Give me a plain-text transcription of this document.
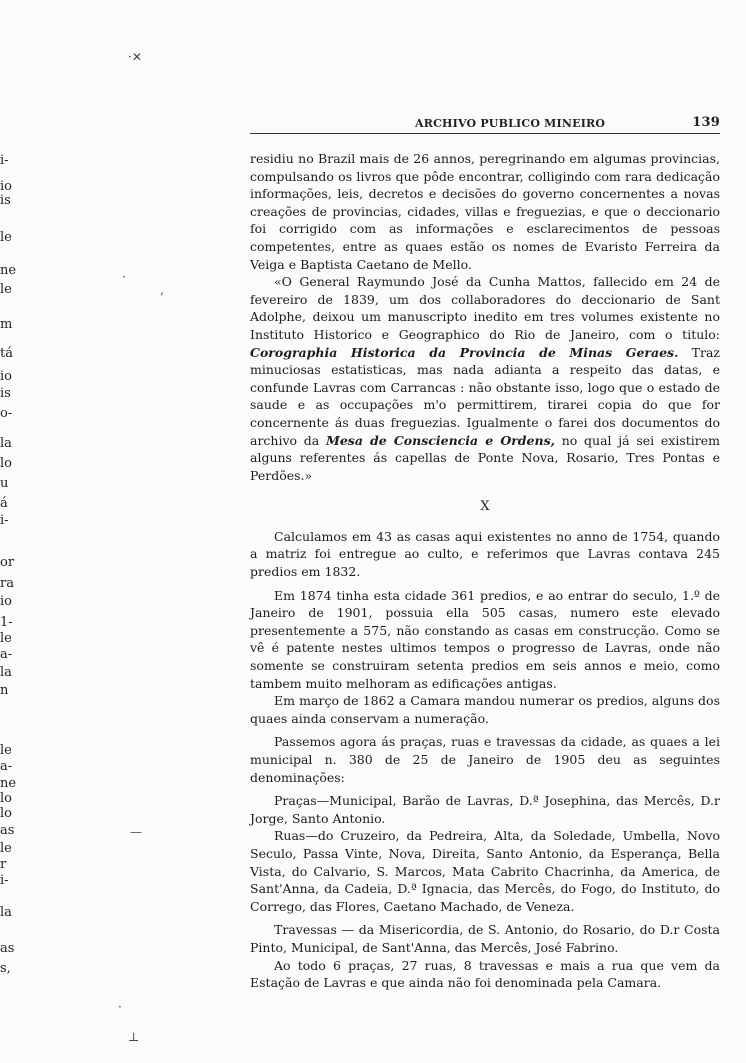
i-
io
is
le
ne
le
m
tá
io
is
o-
la
lo
u
á
i-
or
ra
io
1-
le
a-
la
n
le
a-
ne
lo
lo
as
le
r
i-
la
as
s,
·✕
·
‚
—
·
⊥
ARCHIVO PUBLICO MINEIRO	139

residiu no Brazil mais de 26 annos, peregrinando em algumas provincias, compulsando os livros que pôde encontrar, colligindo com rara dedicação informações, leis, decretos e decisões do governo concernentes a novas creações de provincias, cidades, villas e freguezias, e que o deccionario foi corrigido com as informações e esclarecimentos de pessoas competentes, entre as quaes estão os nomes de Evaristo Ferreira da Veiga e Baptista Caetano de Mello.

«O General Raymundo José da Cunha Mattos, fallecido em 24 de fevereiro de 1839, um dos collaboradores do deccionario de Sant Adolphe, deixou um manuscripto inedito em tres volumes existente no Instituto Historico e Geographico do Rio de Janeiro, com o titulo: Corographia Historica da Provincia de Minas Geraes. Traz minuciosas estatisticas, mas nada adianta a respeito das datas, e confunde Lavras com Carrancas : não obstante isso, logo que o estado de saude e as occupações m'o permittirem, tirarei copia do que for concernente ás duas freguezias. Igualmente o farei dos documentos do archivo da Mesa de Consciencia e Ordens, no qual já sei existirem alguns referentes ás capellas de Ponte Nova, Rosario, Tres Pontas e Perdões.»

X

Calculamos em 43 as casas aqui existentes no anno de 1754, quando a matriz foi entregue ao culto, e referimos que Lavras contava 245 predios em 1832.

Em 1874 tinha esta cidade 361 predios, e ao entrar do seculo, 1.º de Janeiro de 1901, possuia ella 505 casas, numero este elevado presentemente a 575, não constando as casas em construcção. Como se vê é patente nestes ultimos tempos o progresso de Lavras, onde não somente se construiram setenta predios em seis annos e meio, como tambem muito melhoram as edificações antigas.

Em março de 1862 a Camara mandou numerar os predios, alguns dos quaes ainda conservam a numeração.

Passemos agora ás praças, ruas e travessas da cidade, as quaes a lei municipal n. 380 de 25 de Janeiro de 1905 deu as seguintes denominações:

Praças—Municipal, Barão de Lavras, D.ª Josephina, das Mercês, D.r Jorge, Santo Antonio.

Ruas—do Cruzeiro, da Pedreira, Alta, da Soledade, Umbella, Novo Seculo, Passa Vinte, Nova, Direita, Santo Antonio, da Esperança, Bella Vista, do Calvario, S. Marcos, Mata Cabrito Chacrinha, da America, de Sant'Anna, da Cadeia, D.ª Ignacia, das Mercês, do Fogo, do Instituto, do Corrego, das Flores, Caetano Machado, de Veneza.

Travessas — da Misericordia, de S. Antonio, do Rosario, do D.r Costa Pinto, Municipal, de Sant'Anna, das Mercês, José Fabrino.

Ao todo 6 praças, 27 ruas, 8 travessas e mais a rua que vem da Estação de Lavras e que ainda não foi denominada pela Camara.
